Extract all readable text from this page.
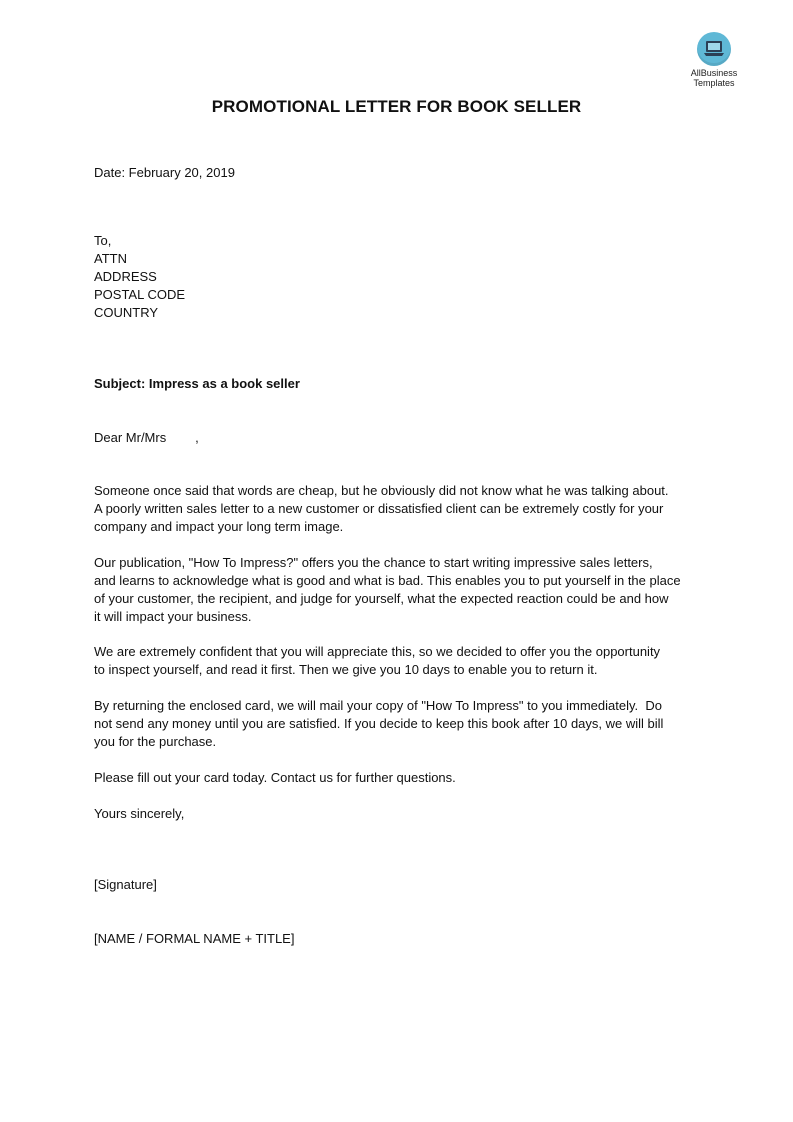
AllBusiness
Templates
PROMOTIONAL LETTER FOR BOOK SELLER
Date: February 20, 2019
To,
ATTN
ADDRESS
POSTAL CODE
COUNTRY
Subject: Impress as a book seller
Dear Mr/Mrs        ,
Someone once said that words are cheap, but he obviously did not know what he was talking about.
A poorly written sales letter to a new customer or dissatisfied client can be extremely costly for your
company and impact your long term image.
Our publication, "How To Impress?" offers you the chance to start writing impressive sales letters,
and learns to acknowledge what is good and what is bad. This enables you to put yourself in the place
of your customer, the recipient, and judge for yourself, what the expected reaction could be and how
it will impact your business.
We are extremely confident that you will appreciate this, so we decided to offer you the opportunity
to inspect yourself, and read it first. Then we give you 10 days to enable you to return it.
By returning the enclosed card, we will mail your copy of "How To Impress" to you immediately.  Do
not send any money until you are satisfied. If you decide to keep this book after 10 days, we will bill
you for the purchase.
Please fill out your card today. Contact us for further questions.
Yours sincerely,
[Signature]
[NAME / FORMAL NAME + TITLE]
